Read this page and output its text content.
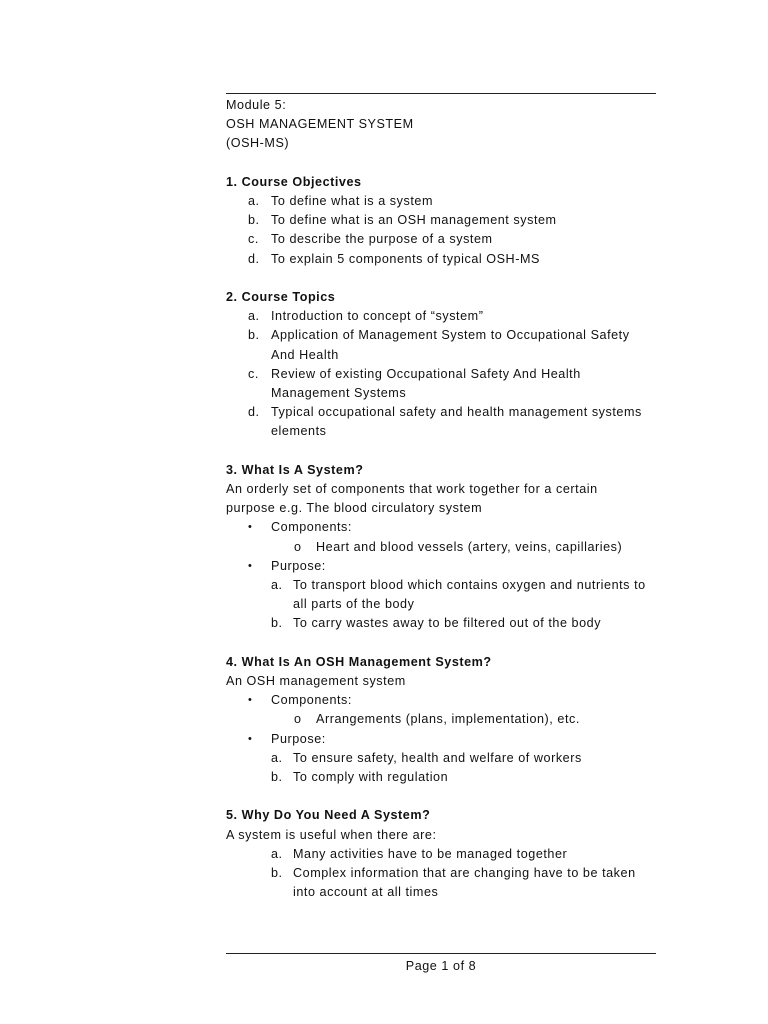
Module 5:

OSH MANAGEMENT SYSTEM

(OSH-MS)

1. Course Objectives

a. To define what is a system
b. To define what is an OSH management system
c. To describe the purpose of a system
d. To explain 5 components of typical OSH-MS

2. Course Topics

a. Introduction to concept of “system”
b. Application of Management System to Occupational Safety
And Health
c. Review of existing Occupational Safety And Health
Management Systems
d. Typical occupational safety and health management systems
elements

3. What Is A System?

An orderly set of components that work together for a certain

purpose e.g. The blood circulatory system

• Components:
o Heart and blood vessels (artery, veins, capillaries)
• Purpose:
a. To transport blood which contains oxygen and nutrients to
all parts of the body
b. To carry wastes away to be filtered out of the body

4. What Is An OSH Management System?

An OSH management system

• Components:
o Arrangements (plans, implementation), etc.
• Purpose:
a. To ensure safety, health and welfare of workers
b. To comply with regulation

5. Why Do You Need A System?

A system is useful when there are:

a. Many activities have to be managed together
b. Complex information that are changing have to be taken
into account at all times
Page 1 of 8
